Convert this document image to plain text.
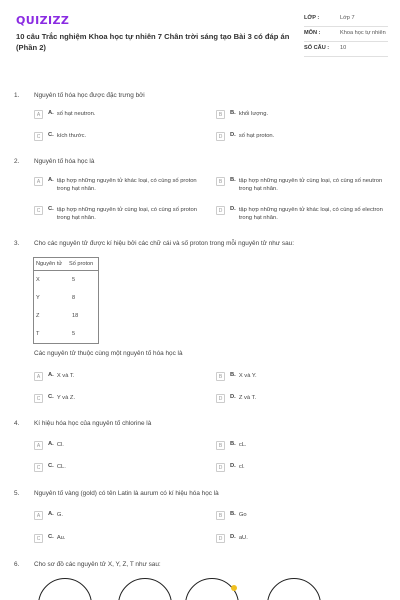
QUIZIZZ
10 câu Trắc nghiệm Khoa học tự nhiên 7 Chân trời sáng tạo Bài 3 có đáp án (Phần 2)
LỚP :	Lớp 7
MÔN :	Khoa học tự nhiên
SỐ CÂU :	10
1. Nguyên tố hóa học được đặc trưng bởi
A	A. số hạt neutron.	B	B. khối lượng.
C	C. kích thước.	D	D. số hạt proton.
2. Nguyên tố hóa học là
A	A. tập hợp những nguyên tử khác loại, có cùng số proton trong hạt nhân.
B	B. tập hợp những nguyên tử cùng loại, có cùng số neutron trong hạt nhân.
C	C. tập hợp những nguyên tử cùng loại, có cùng số proton trong hạt nhân.
D	D. tập hợp những nguyên tử khác loại, có cùng số electron trong hạt nhân.
3. Cho các nguyên tử được kí hiệu bởi các chữ cái và số proton trong mỗi nguyên tử như sau:
Nguyên tử	Số proton
X	5
Y	8
Z	18
T	5
Các nguyên tử thuộc cùng một nguyên tố hóa học là
A	A. X và T.	B	B. X và Y.
C	C. Y và Z.	D	D. Z và T.
4. Kí hiệu hóa học của nguyên tố chlorine là
A	A. Cl.	B	B. cL.
C	C. CL.	D	D. cl.
5. Nguyên tố vàng (gold) có tên Latin là aurum có kí hiệu hóa học là
A	A. G.	B	B. Go
C	C. Au.	D	D. aU.
6. Cho sơ đồ các nguyên tử X, Y, Z, T như sau:
